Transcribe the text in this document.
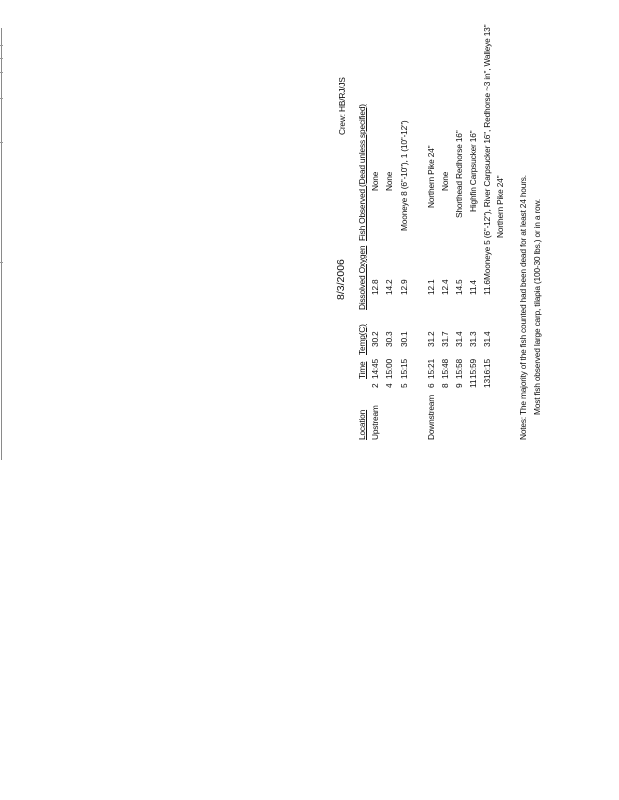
8/3/2006
Crew: HB/RJ/JS
Location
Time
Temp(C)
Dissolved Oxygen
Fish Observed (Dead unless specified)
Upstream
2
14:45
30.2
12.8
None
4
15:00
30.3
14.2
None
5
15:15
30.1
12.9
Mooneye 8 (6"-10"), 1 (10"-12")
Downstream
6
15:21
31.2
12.1
Northern Pike 24"
8
15:48
31.7
12.4
None
9
15:58
31.4
14.5
Shorthead Redhorse 16"
11
15:59
31.3
11.4
Highfin Carpsucker 16"
13
16:15
31.4
11.6
Mooneye 5 (6"-12"), River Carpsucker 16", Redhorse ~3 in", Walleye 13" Northern Pike 24" Notes: The majority of the fish counted had been dead for at least 24 hours. Most fish observed large carp, tilapia (100-30 lbs.) or in a row.
